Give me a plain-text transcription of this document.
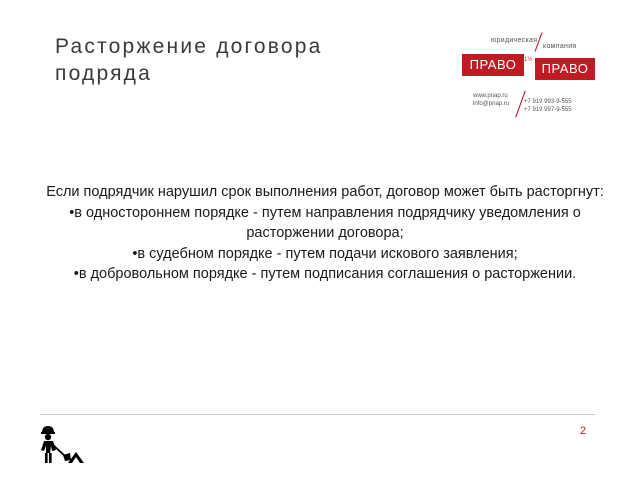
Расторжение договора
подряда
юридическая
компания
ПРАВО	1½
ПРАВО
www.pnap.ru
info@pnap.ru +7 919 993-9-555
+7 919 997-9-555

Если подрядчик нарушил срок выполнения работ, договор может быть расторгнут:

•в одностороннем порядке - путем направления подрядчику уведомления о расторжении договора;

•в судебном порядке - путем подачи искового заявления;

•в добровольном порядке - путем подписания соглашения о расторжении.

2
